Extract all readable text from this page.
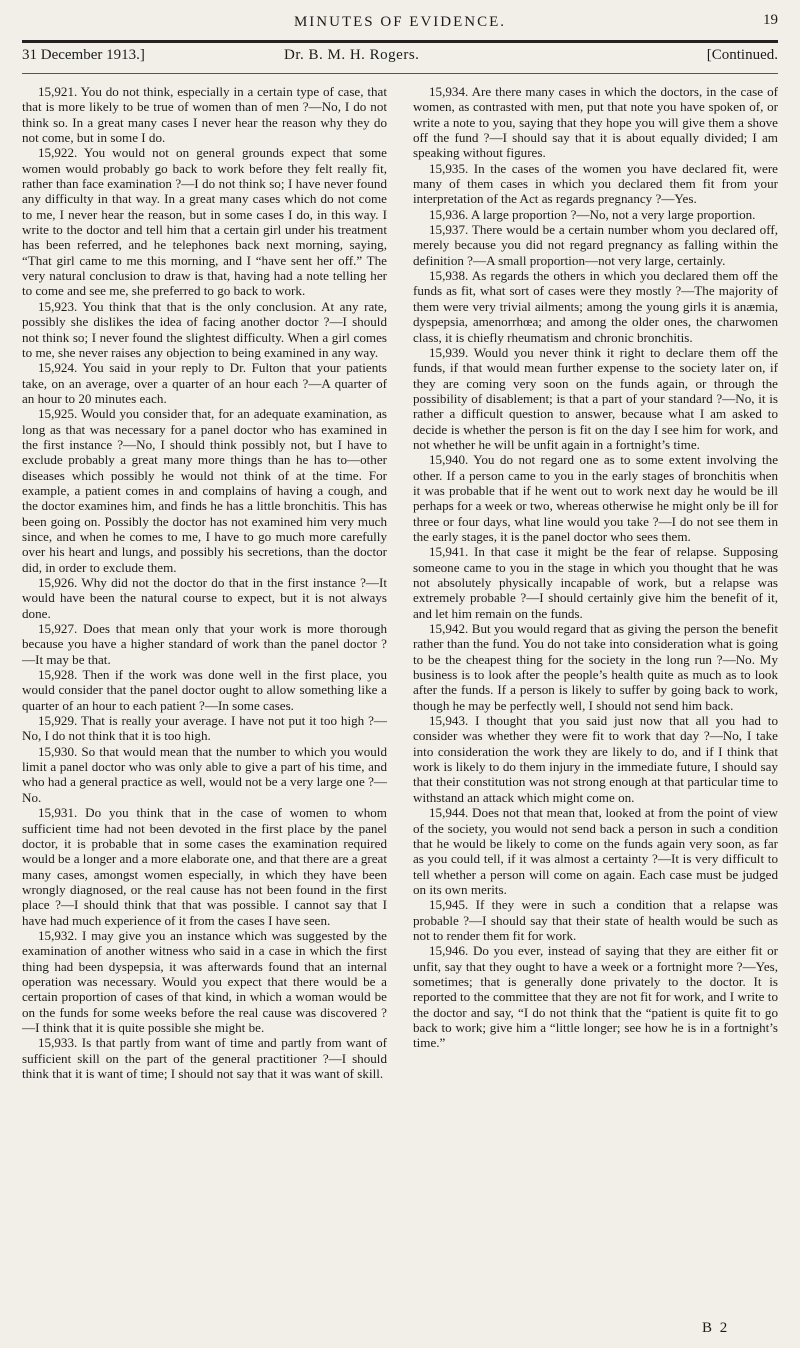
MINUTES OF EVIDENCE.	19
31 December 1913.]	Dr. B. M. H. Rogers.	[Continued.

15,921. You do not think, especially in a certain type of case, that that is more likely to be true of women than of men ?—No, I do not think so. In a great many cases I never hear the reason why they do not come, but in some I do.

15,922. You would not on general grounds expect that some women would probably go back to work before they felt really fit, rather than face examination ?—I do not think so; I have never found any difficulty in that way. In a great many cases which do not come to me, I never hear the reason, but in some cases I do, in this way. I write to the doctor and tell him that a certain girl under his treatment has been referred, and he telephones back next morning, saying, “That girl came to me this morning, and I “have sent her off.” The very natural conclusion to draw is that, having had a note telling her to come and see me, she preferred to go back to work.

15,923. You think that that is the only conclusion. At any rate, possibly she dislikes the idea of facing another doctor ?—I should not think so; I never found the slightest difficulty. When a girl comes to me, she never raises any objection to being examined in any way.

15,924. You said in your reply to Dr. Fulton that your patients take, on an average, over a quarter of an hour each ?—A quarter of an hour to 20 minutes each.

15,925. Would you consider that, for an adequate examination, as long as that was necessary for a panel doctor who has examined in the first instance ?—No, I should think possibly not, but I have to exclude probably a great many more things than he has to—other diseases which possibly he would not think of at the time. For example, a patient comes in and complains of having a cough, and the doctor examines him, and finds he has a little bronchitis. This has been going on. Possibly the doctor has not examined him very much since, and when he comes to me, I have to go much more carefully over his heart and lungs, and possibly his secretions, than the doctor did, in order to exclude them.

15,926. Why did not the doctor do that in the first instance ?—It would have been the natural course to expect, but it is not always done.

15,927. Does that mean only that your work is more thorough because you have a higher standard of work than the panel doctor ?—It may be that.

15,928. Then if the work was done well in the first place, you would consider that the panel doctor ought to allow something like a quarter of an hour to each patient ?—In some cases.

15,929. That is really your average. I have not put it too high ?—No, I do not think that it is too high.

15,930. So that would mean that the number to which you would limit a panel doctor who was only able to give a part of his time, and who had a general practice as well, would not be a very large one ?—No.

15,931. Do you think that in the case of women to whom sufficient time had not been devoted in the first place by the panel doctor, it is probable that in some cases the examination required would be a longer and a more elaborate one, and that there are a great many cases, amongst women especially, in which they have been wrongly diagnosed, or the real cause has not been found in the first place ?—I should think that that was possible. I cannot say that I have had much experience of it from the cases I have seen.

15,932. I may give you an instance which was suggested by the examination of another witness who said in a case in which the first thing had been dyspepsia, it was afterwards found that an internal operation was necessary. Would you expect that there would be a certain proportion of cases of that kind, in which a woman would be on the funds for some weeks before the real cause was discovered ?—I think that it is quite possible she might be.

15,933. Is that partly from want of time and partly from want of sufficient skill on the part of the general practitioner ?—I should think that it is want of time; I should not say that it was want of skill.

15,934. Are there many cases in which the doctors, in the case of women, as contrasted with men, put that note you have spoken of, or write a note to you, saying that they hope you will give them a shove off the fund ?—I should say that it is about equally divided; I am speaking without figures.

15,935. In the cases of the women you have declared fit, were many of them cases in which you declared them fit from your interpretation of the Act as regards pregnancy ?—Yes.

15,936. A large proportion ?—No, not a very large proportion.

15,937. There would be a certain number whom you declared off, merely because you did not regard pregnancy as falling within the definition ?—A small proportion—not very large, certainly.

15,938. As regards the others in which you declared them off the funds as fit, what sort of cases were they mostly ?—The majority of them were very trivial ailments; among the young girls it is anæmia, dyspepsia, amenorrhœa; and among the older ones, the charwomen class, it is chiefly rheumatism and chronic bronchitis.

15,939. Would you never think it right to declare them off the funds, if that would mean further expense to the society later on, if they are coming very soon on the funds again, or through the possibility of disablement; is that a part of your standard ?—No, it is rather a difficult question to answer, because what I am asked to decide is whether the person is fit on the day I see him for work, and not whether he will be unfit again in a fortnight’s time.

15,940. You do not regard one as to some extent involving the other. If a person came to you in the early stages of bronchitis when it was probable that if he went out to work next day he would be ill perhaps for a week or two, whereas otherwise he might only be ill for three or four days, what line would you take ?—I do not see them in the early stages, it is the panel doctor who sees them.

15,941. In that case it might be the fear of relapse. Supposing someone came to you in the stage in which you thought that he was not absolutely physically incapable of work, but a relapse was extremely probable ?—I should certainly give him the benefit of it, and let him remain on the funds.

15,942. But you would regard that as giving the person the benefit rather than the fund. You do not take into consideration what is going to be the cheapest thing for the society in the long run ?—No. My business is to look after the people’s health quite as much as to look after the funds. If a person is likely to suffer by going back to work, though he may be perfectly well, I should not send him back.

15,943. I thought that you said just now that all you had to consider was whether they were fit to work that day ?—No, I take into consideration the work they are likely to do, and if I think that work is likely to do them injury in the immediate future, I should say that their constitution was not strong enough at that particular time to withstand an attack which might come on.

15,944. Does not that mean that, looked at from the point of view of the society, you would not send back a person in such a condition that he would be likely to come on the funds again very soon, as far as you could tell, if it was almost a certainty ?—It is very difficult to tell whether a person will come on again. Each case must be judged on its own merits.

15,945. If they were in such a condition that a relapse was probable ?—I should say that their state of health would be such as not to render them fit for work.

15,946. Do you ever, instead of saying that they are either fit or unfit, say that they ought to have a week or a fortnight more ?—Yes, sometimes; that is generally done privately to the doctor. It is reported to the committee that they are not fit for work, and I write to the doctor and say, “I do not think that the “patient is quite fit to go back to work; give him a “little longer; see how he is in a fortnight’s time.”

B 2
